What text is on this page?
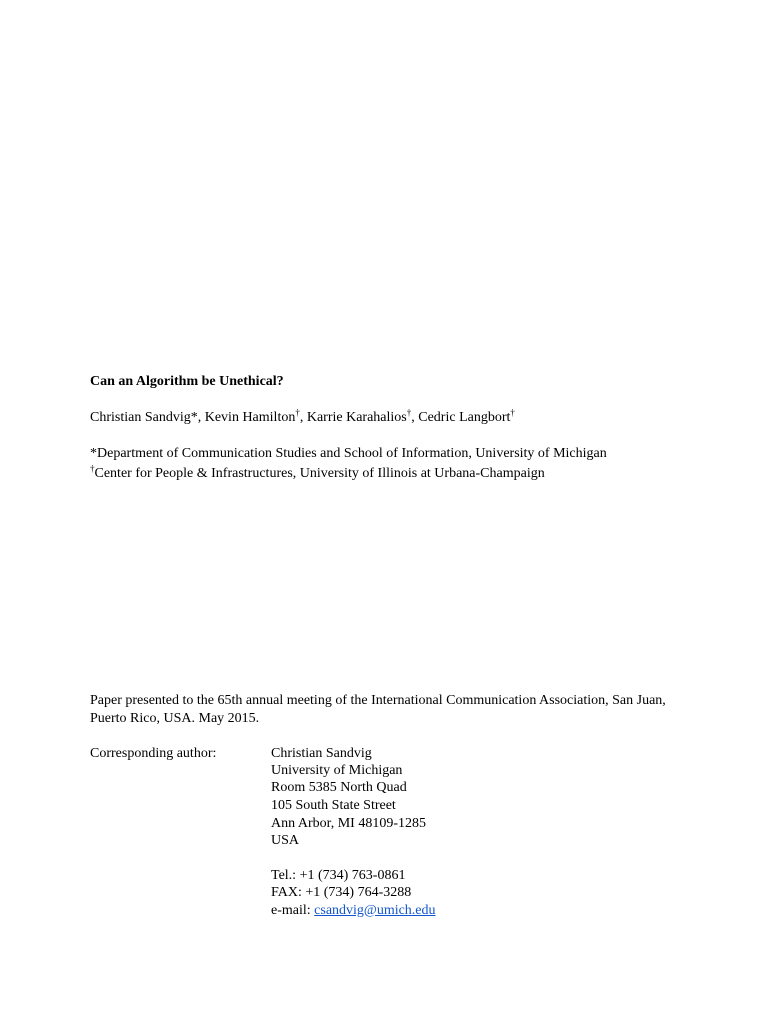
Can an Algorithm be Unethical?
Christian Sandvig*, Kevin Hamilton†, Karrie Karahalios†, Cedric Langbort†
*Department of Communication Studies and School of Information, University of Michigan
†Center for People & Infrastructures, University of Illinois at Urbana-Champaign
Paper presented to the 65th annual meeting of the International Communication Association, San Juan,
Puerto Rico, USA. May 2015.
Corresponding author:	Christian Sandvig
University of Michigan
Room 5385 North Quad
105 South State Street
Ann Arbor, MI 48109-1285
USA
Tel.: +1 (734) 763-0861
FAX: +1 (734) 764-3288
e-mail: csandvig@umich.edu
